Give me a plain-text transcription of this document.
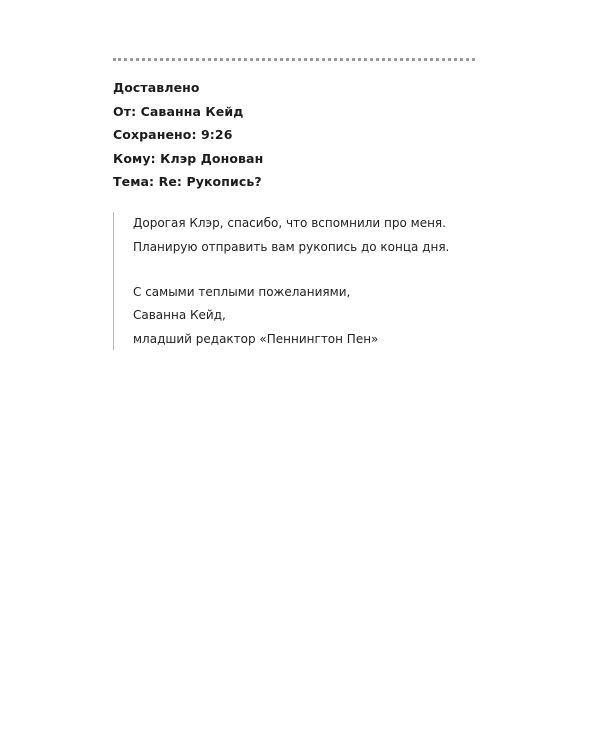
Доставлено
От: Саванна Кейд
Сохранено: 9:26
Кому: Клэр Донован
Тема: Re: Рукопись?
Дорогая Клэр, спасибо, что вспомнили про меня.
Планирую отправить вам рукопись до конца дня.
С самыми теплыми пожеланиями,
Саванна Кейд,
младший редактор «Пеннингтон Пен»
